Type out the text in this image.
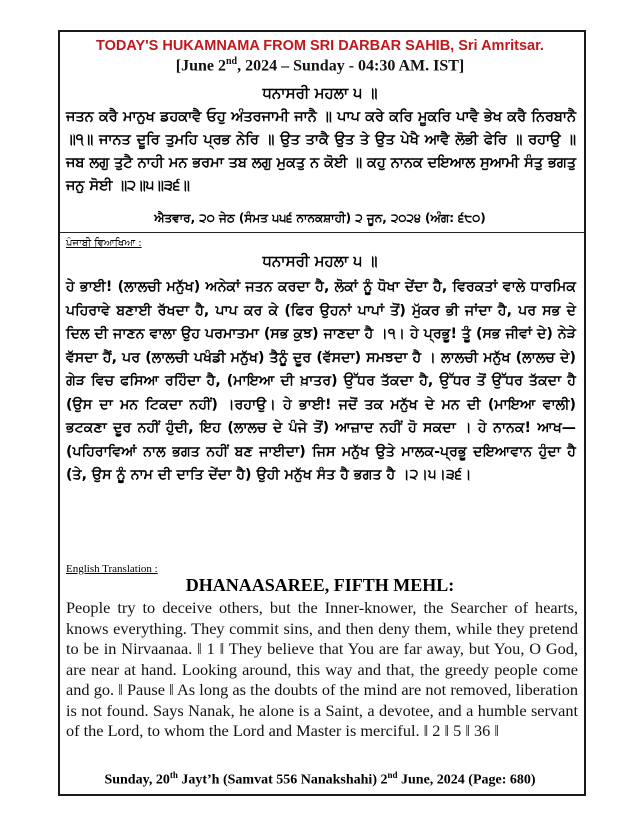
TODAY'S HUKAMNAMA FROM SRI DARBAR SAHIB, Sri Amritsar.
[June 2nd, 2024 – Sunday - 04:30 AM. IST]
ਧਨਾਸਰੀ ਮਹਲਾ ੫ ॥
ਜਤਨ ਕਰੈ ਮਾਨੁਖ ਡਹਕਾਵੈ ਓਹੁ ਅੰਤਰਜਾਮੀ ਜਾਨੈ ॥ ਪਾਪ ਕਰੇ ਕਰਿ ਮੂਕਰਿ ਪਾਵੈ ਭੇਖ ਕਰੈ ਨਿਰਬਾਨੈ ॥੧॥ ਜਾਨਤ ਦੂਰਿ ਤੁਮਹਿ ਪ੍ਰਭ ਨੇਰਿ ॥ ਉਤ ਤਾਕੈ ਉਤ ਤੇ ਉਤ ਪੇਖੈ ਆਵੈ ਲੋਭੀ ਫੇਰਿ ॥ ਰਹਾਉ ॥ ਜਬ ਲਗੁ ਤੁਟੈ ਨਾਹੀ ਮਨ ਭਰਮਾ ਤਬ ਲਗੁ ਮੁਕਤੁ ਨ ਕੋਈ ॥ ਕਹੁ ਨਾਨਕ ਦਇਆਲ ਸੁਆਮੀ ਸੰਤੁ ਭਗਤੁ ਜਨੁ ਸੋਈ ॥੨॥੫॥੩੬॥
ਐਤਵਾਰ, ੨੦ ਜੇਠ (ਸੰਮਤ ੫੫੬ ਨਾਨਕਸ਼ਾਹੀ) ੨ ਜੂਨ, ੨੦੨੪ (ਅੰਗ: ੬੮੦)
ਪੰਜਾਬੀ ਵਿਆਖਿਆ :
ਧਨਾਸਰੀ ਮਹਲਾ ੫ ॥
ਹੇ ਭਾਈ! (ਲਾਲਚੀ ਮਨੁੱਖ) ਅਨੇਕਾਂ ਜਤਨ ਕਰਦਾ ਹੈ, ਲੋਕਾਂ ਨੂੰ ਧੋਖਾ ਦੇਂਦਾ ਹੈ, ਵਿਰਕਤਾਂ ਵਾਲੇ ਧਾਰਮਿਕ ਪਹਿਰਾਵੇ ਬਣਾਈ ਰੱਖਦਾ ਹੈ, ਪਾਪ ਕਰ ਕੇ (ਫਿਰ ਉਹਨਾਂ ਪਾਪਾਂ ਤੋਂ) ਮੁੱਕਰ ਭੀ ਜਾਂਦਾ ਹੈ, ਪਰ ਸਭ ਦੇ ਦਿਲ ਦੀ ਜਾਣਨ ਵਾਲਾ ਉਹ ਪਰਮਾਤਮਾ (ਸਭ ਕੁਝ) ਜਾਣਦਾ ਹੈ ।੧। ਹੇ ਪ੍ਰਭੂ! ਤੂੰ (ਸਭ ਜੀਵਾਂ ਦੇ) ਨੇੜੇ ਵੱਸਦਾ ਹੈਂ, ਪਰ (ਲਾਲਚੀ ਪਖੰਡੀ ਮਨੁੱਖ) ਤੈਨੂੰ ਦੂਰ (ਵੱਸਦਾ) ਸਮਝਦਾ ਹੈ । ਲਾਲਚੀ ਮਨੁੱਖ (ਲਾਲਚ ਦੇ) ਗੇੜ ਵਿਚ ਫਸਿਆ ਰਹਿੰਦਾ ਹੈ, (ਮਾਇਆ ਦੀ ਖ਼ਾਤਰ) ਉੱਧਰ ਤੱਕਦਾ ਹੈ, ਉੱਧਰ ਤੋਂ ਉੱਧਰ ਤੱਕਦਾ ਹੈ (ਉਸ ਦਾ ਮਨ ਟਿਕਦਾ ਨਹੀਂ) ।ਰਹਾਉ। ਹੇ ਭਾਈ! ਜਦੋਂ ਤਕ ਮਨੁੱਖ ਦੇ ਮਨ ਦੀ (ਮਾਇਆ ਵਾਲੀ) ਭਟਕਣਾ ਦੂਰ ਨਹੀਂ ਹੁੰਦੀ, ਇਹ (ਲਾਲਚ ਦੇ ਪੰਜੇ ਤੋਂ) ਆਜ਼ਾਦ ਨਹੀਂ ਹੋ ਸਕਦਾ । ਹੇ ਨਾਨਕ! ਆਖ—(ਪਹਿਰਾਵਿਆਂ ਨਾਲ ਭਗਤ ਨਹੀਂ ਬਣ ਜਾਈਦਾ) ਜਿਸ ਮਨੁੱਖ ਉਤੇ ਮਾਲਕ-ਪ੍ਰਭੂ ਦਇਆਵਾਨ ਹੁੰਦਾ ਹੈ (ਤੇ, ਉਸ ਨੂੰ ਨਾਮ ਦੀ ਦਾਤਿ ਦੇਂਦਾ ਹੈ) ਉਹੀ ਮਨੁੱਖ ਸੰਤ ਹੈ ਭਗਤ ਹੈ ।੨।੫।੩੬।
English Translation :
DHANAASAREE, FIFTH MEHL:
People try to deceive others, but the Inner-knower, the Searcher of hearts, knows everything. They commit sins, and then deny them, while they pretend to be in Nirvaanaa. ‖ 1 ‖ They believe that You are far away, but You, O God, are near at hand. Looking around, this way and that, the greedy people come and go. ‖ Pause ‖ As long as the doubts of the mind are not removed, liberation is not found. Says Nanak, he alone is a Saint, a devotee, and a humble servant of the Lord, to whom the Lord and Master is merciful. ‖ 2 ‖ 5 ‖ 36 ‖
Sunday, 20th Jayt’h (Samvat 556 Nanakshahi) 2nd June, 2024 (Page: 680)
